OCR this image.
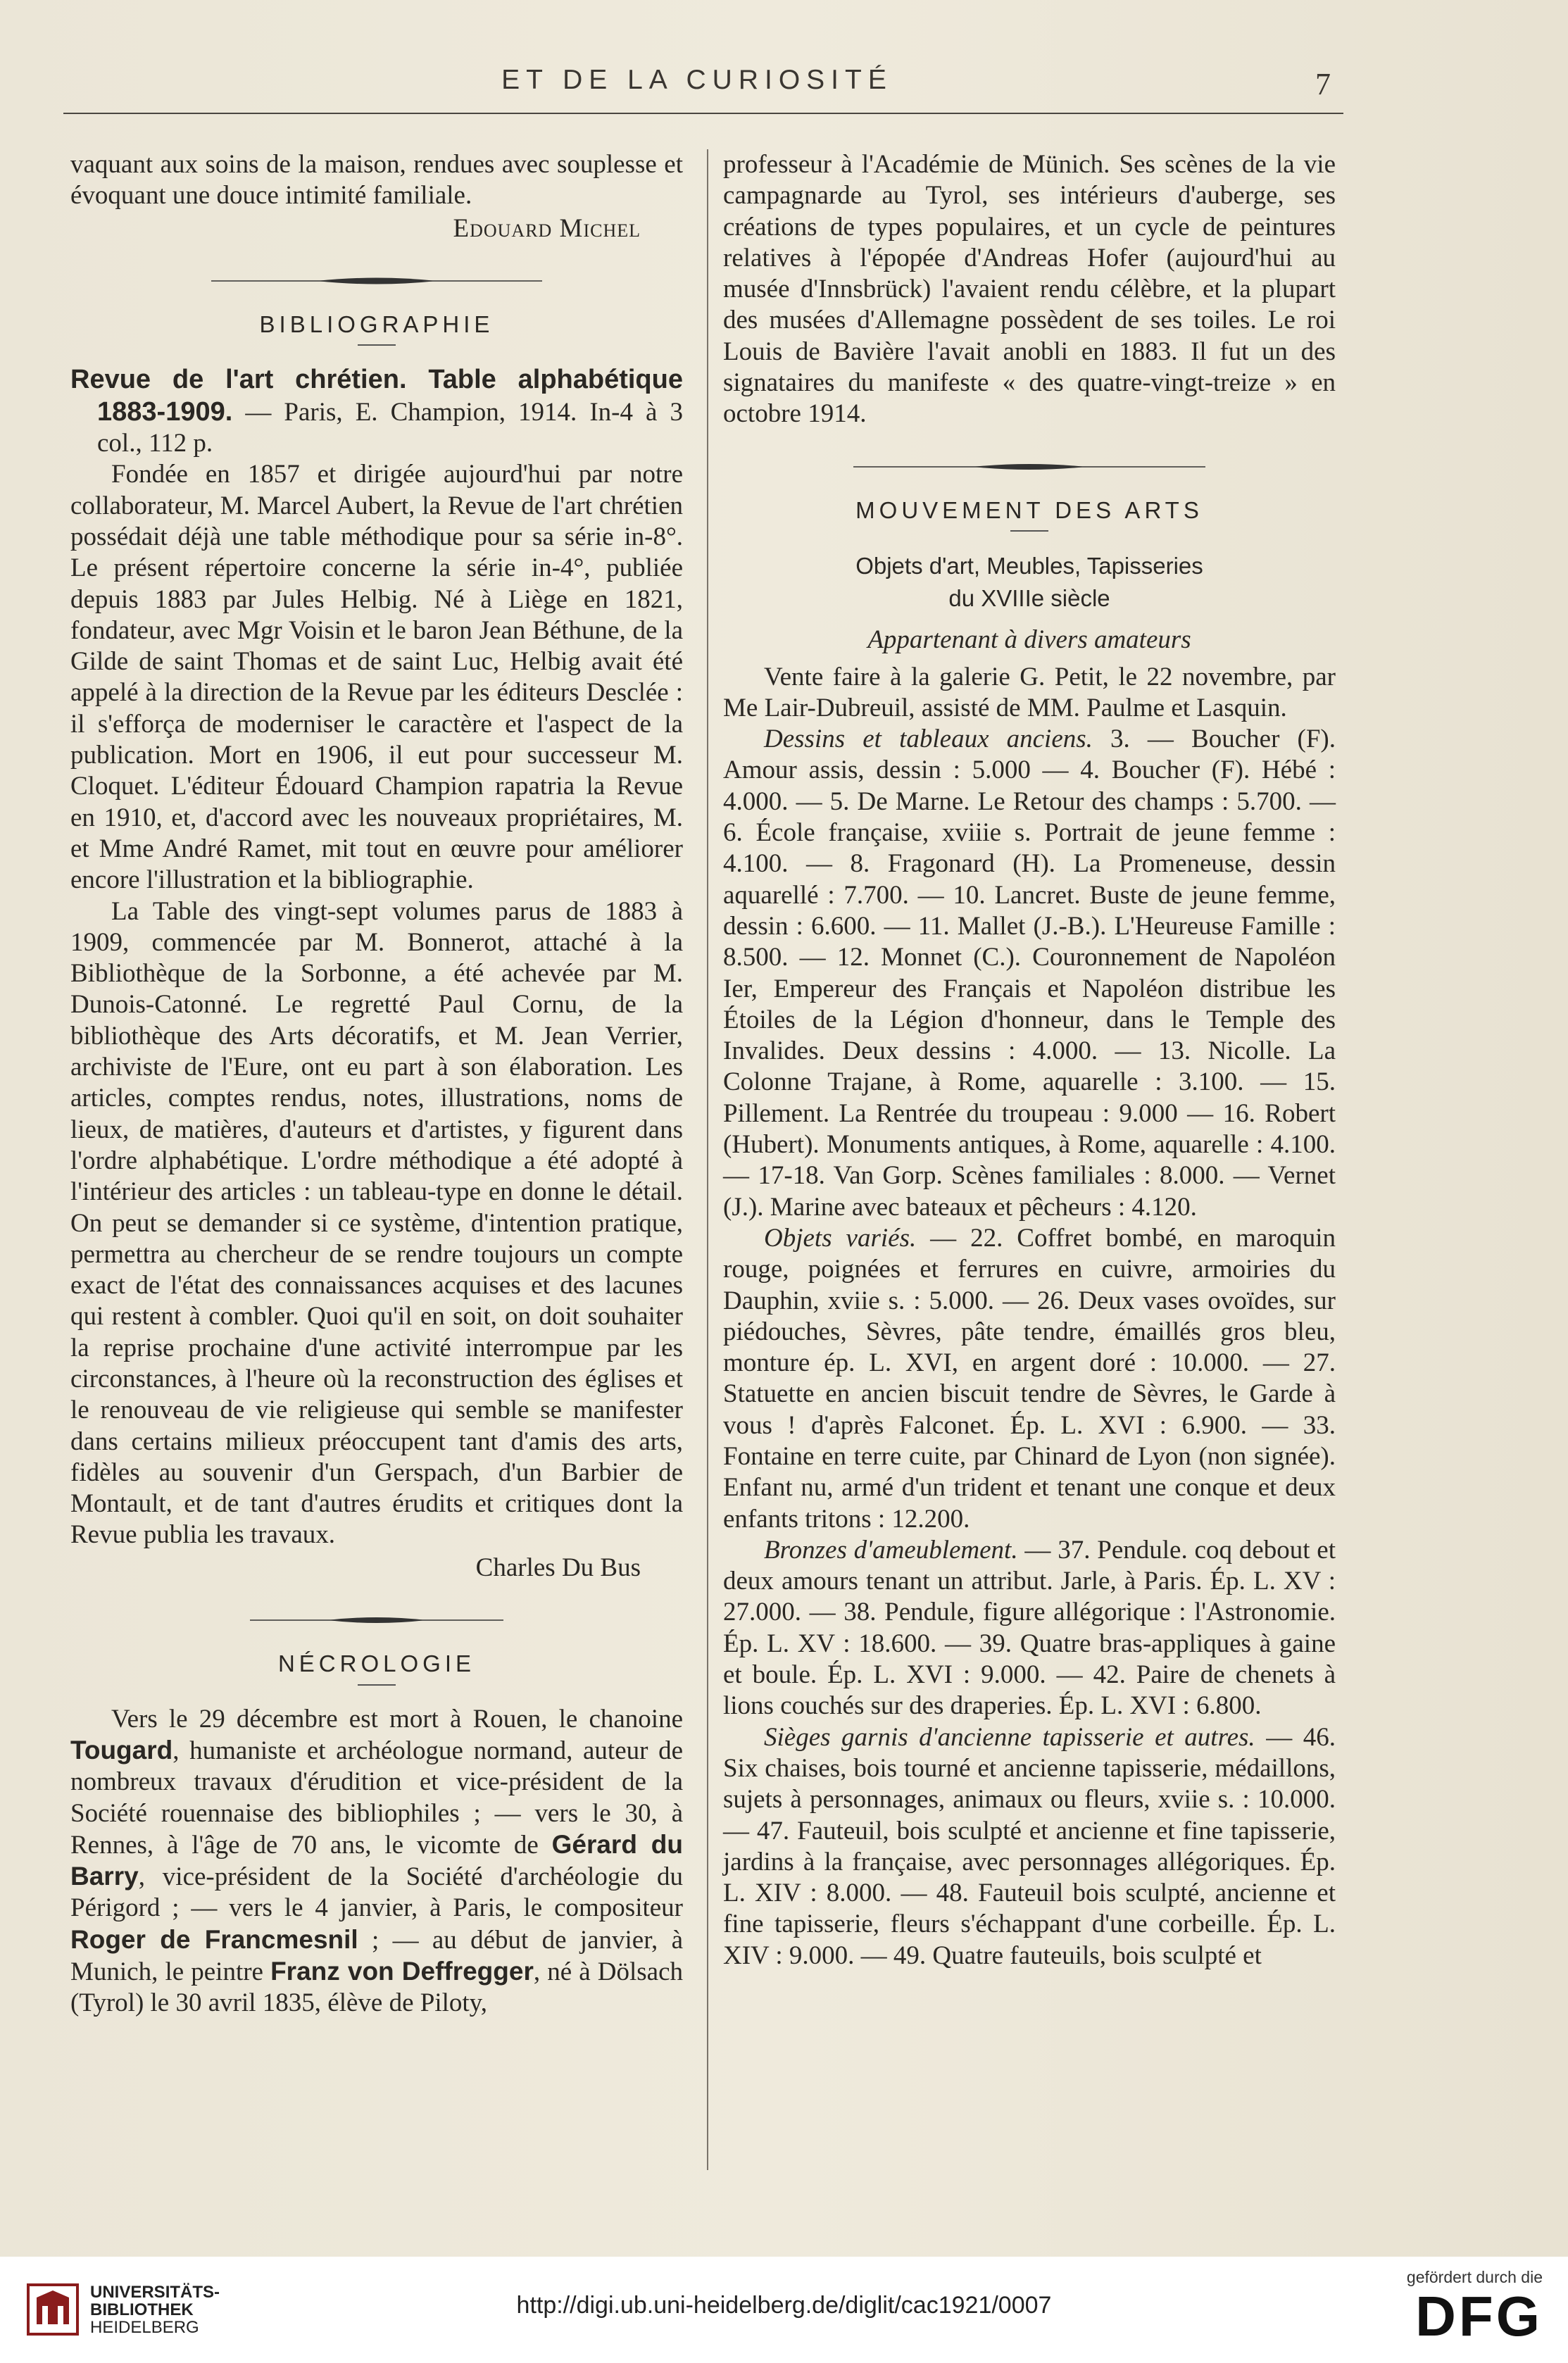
ET DE LA CURIOSITÉ	7

vaquant aux soins de la maison, rendues avec souplesse et évoquant une douce intimité familiale.

Edouard Michel

BIBLIOGRAPHIE

Revue de l'art chrétien. Table alphabétique 1883-1909. — Paris, E. Champion, 1914. In-4 à 3 col., 112 p.

Fondée en 1857 et dirigée aujourd'hui par notre collaborateur, M. Marcel Aubert, la Revue de l'art chrétien possédait déjà une table méthodique pour sa série in-8°. Le présent répertoire concerne la série in-4°, publiée depuis 1883 par Jules Helbig. Né à Liège en 1821, fondateur, avec Mgr Voisin et le baron Jean Béthune, de la Gilde de saint Thomas et de saint Luc, Helbig avait été appelé à la direction de la Revue par les éditeurs Desclée : il s'efforça de moderniser le caractère et l'aspect de la publication. Mort en 1906, il eut pour successeur M. Cloquet. L'éditeur Édouard Champion rapatria la Revue en 1910, et, d'accord avec les nouveaux propriétaires, M. et Mme André Ramet, mit tout en œuvre pour améliorer encore l'illustration et la bibliographie.

La Table des vingt-sept volumes parus de 1883 à 1909, commencée par M. Bonnerot, attaché à la Bibliothèque de la Sorbonne, a été achevée par M. Dunois-Catonné. Le regretté Paul Cornu, de la bibliothèque des Arts décoratifs, et M. Jean Verrier, archiviste de l'Eure, ont eu part à son élaboration. Les articles, comptes rendus, notes, illustrations, noms de lieux, de matières, d'auteurs et d'artistes, y figurent dans l'ordre alphabétique. L'ordre méthodique a été adopté à l'intérieur des articles : un tableau-type en donne le détail. On peut se demander si ce système, d'intention pratique, permettra au chercheur de se rendre toujours un compte exact de l'état des connaissances acquises et des lacunes qui restent à combler. Quoi qu'il en soit, on doit souhaiter la reprise prochaine d'une activité interrompue par les circonstances, à l'heure où la reconstruction des églises et le renouveau de vie religieuse qui semble se manifester dans certains milieux préoccupent tant d'amis des arts, fidèles au souvenir d'un Gerspach, d'un Barbier de Montault, et de tant d'autres érudits et critiques dont la Revue publia les travaux.

Charles Du Bus

NÉCROLOGIE

Vers le 29 décembre est mort à Rouen, le chanoine Tougard, humaniste et archéologue normand, auteur de nombreux travaux d'érudition et vice-président de la Société rouennaise des bibliophiles ; — vers le 30, à Rennes, à l'âge de 70 ans, le vicomte de Gérard du Barry, vice-président de la Société d'archéologie du Périgord ; — vers le 4 janvier, à Paris, le compositeur Roger de Francmesnil ; — au début de janvier, à Munich, le peintre Franz von Deffregger, né à Dölsach (Tyrol) le 30 avril 1835, élève de Piloty,

professeur à l'Académie de Münich. Ses scènes de la vie campagnarde au Tyrol, ses intérieurs d'auberge, ses créations de types populaires, et un cycle de peintures relatives à l'épopée d'Andreas Hofer (aujourd'hui au musée d'Innsbrück) l'avaient rendu célèbre, et la plupart des musées d'Allemagne possèdent de ses toiles. Le roi Louis de Bavière l'avait anobli en 1883. Il fut un des signataires du manifeste « des quatre-vingt-treize » en octobre 1914.

MOUVEMENT DES ARTS
Objets d'art, Meubles, Tapisseries
du XVIIIe siècle
Appartenant à divers amateurs

Vente faire à la galerie G. Petit, le 22 novembre, par Me Lair-Dubreuil, assisté de MM. Paulme et Lasquin.

Dessins et tableaux anciens. 3. — Boucher (F). Amour assis, dessin : 5.000 — 4. Boucher (F). Hébé : 4.000. — 5. De Marne. Le Retour des champs : 5.700. — 6. École française, xviiie s. Portrait de jeune femme : 4.100. — 8. Fragonard (H). La Promeneuse, dessin aquarellé : 7.700. — 10. Lancret. Buste de jeune femme, dessin : 6.600. — 11. Mallet (J.-B.). L'Heureuse Famille : 8.500. — 12. Monnet (C.). Couronnement de Napoléon Ier, Empereur des Français et Napoléon distribue les Étoiles de la Légion d'honneur, dans le Temple des Invalides. Deux dessins : 4.000. — 13. Nicolle. La Colonne Trajane, à Rome, aquarelle : 3.100. — 15. Pillement. La Rentrée du troupeau : 9.000 — 16. Robert (Hubert). Monuments antiques, à Rome, aquarelle : 4.100. — 17-18. Van Gorp. Scènes familiales : 8.000. — Vernet (J.). Marine avec bateaux et pêcheurs : 4.120.

Objets variés. — 22. Coffret bombé, en maroquin rouge, poignées et ferrures en cuivre, armoiries du Dauphin, xviie s. : 5.000. — 26. Deux vases ovoïdes, sur piédouches, Sèvres, pâte tendre, émaillés gros bleu, monture ép. L. XVI, en argent doré : 10.000. — 27. Statuette en ancien biscuit tendre de Sèvres, le Garde à vous ! d'après Falconet. Ép. L. XVI : 6.900. — 33. Fontaine en terre cuite, par Chinard de Lyon (non signée). Enfant nu, armé d'un trident et tenant une conque et deux enfants tritons : 12.200.

Bronzes d'ameublement. — 37. Pendule. coq debout et deux amours tenant un attribut. Jarle, à Paris. Ép. L. XV : 27.000. — 38. Pendule, figure allégorique : l'Astronomie. Ép. L. XV : 18.600. — 39. Quatre bras-appliques à gaine et boule. Ép. L. XVI : 9.000. — 42. Paire de chenets à lions couchés sur des draperies. Ép. L. XVI : 6.800.

Sièges garnis d'ancienne tapisserie et autres. — 46. Six chaises, bois tourné et ancienne tapisserie, médaillons, sujets à personnages, animaux ou fleurs, xviie s. : 10.000. — 47. Fauteuil, bois sculpté et ancienne et fine tapisserie, jardins à la française, avec personnages allégoriques. Ép. L. XIV : 8.000. — 48. Fauteuil bois sculpté, ancienne et fine tapisserie, fleurs s'échappant d'une corbeille. Ép. L. XIV : 9.000. — 49. Quatre fauteuils, bois sculpté et

UNIVERSITÄTS-
BIBLIOTHEK
HEIDELBERG
http://digi.ub.uni-heidelberg.de/diglit/cac1921/0007
gefördert durch die
DFG
